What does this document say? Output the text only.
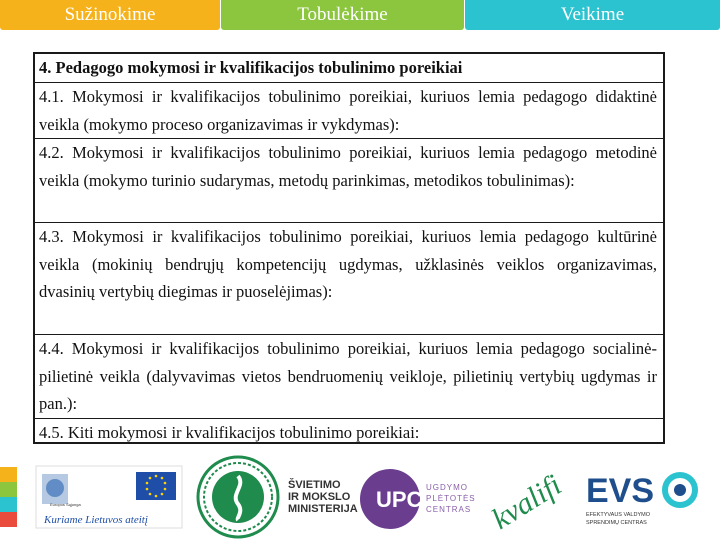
Sužinokime	Tobulėkime	Veikime
4. Pedagogo mokymosi ir kvalifikacijos tobulinimo poreikiai
4.1. Mokymosi ir kvalifikacijos tobulinimo poreikiai, kuriuos lemia pedagogo didaktinė veikla (mokymo proceso organizavimas ir vykdymas):
4.2. Mokymosi ir kvalifikacijos tobulinimo poreikiai, kuriuos lemia pedagogo metodinė veikla (mokymo turinio sudarymas, metodų parinkimas, metodikos tobulinimas):
4.3. Mokymosi ir kvalifikacijos tobulinimo poreikiai, kuriuos lemia pedagogo kultūrinė veikla (mokinių bendrųjų kompetencijų ugdymas, užklasinės veiklos organizavimas, dvasinių vertybių diegimas ir puoselėjimas):
4.4. Mokymosi ir kvalifikacijos tobulinimo poreikiai, kuriuos lemia pedagogo socialinė-pilietinė veikla (dalyvavimas vietos bendruomenių veikloje, pilietinių vertybių ugdymas ir pan.):
4.5. Kiti mokymosi ir kvalifikacijos tobulinimo poreikiai:
Europos Sąjunga
Kuriame Lietuvos ateitį
ŠVIETIMO
IR MOKSLO
MINISTERIJA UPC UGDYMO
PLĖTOTĖS
CENTRAS kvalifi EVS
EFEKTYVAUS VALDYMO
SPRENDIMŲ CENTRAS
